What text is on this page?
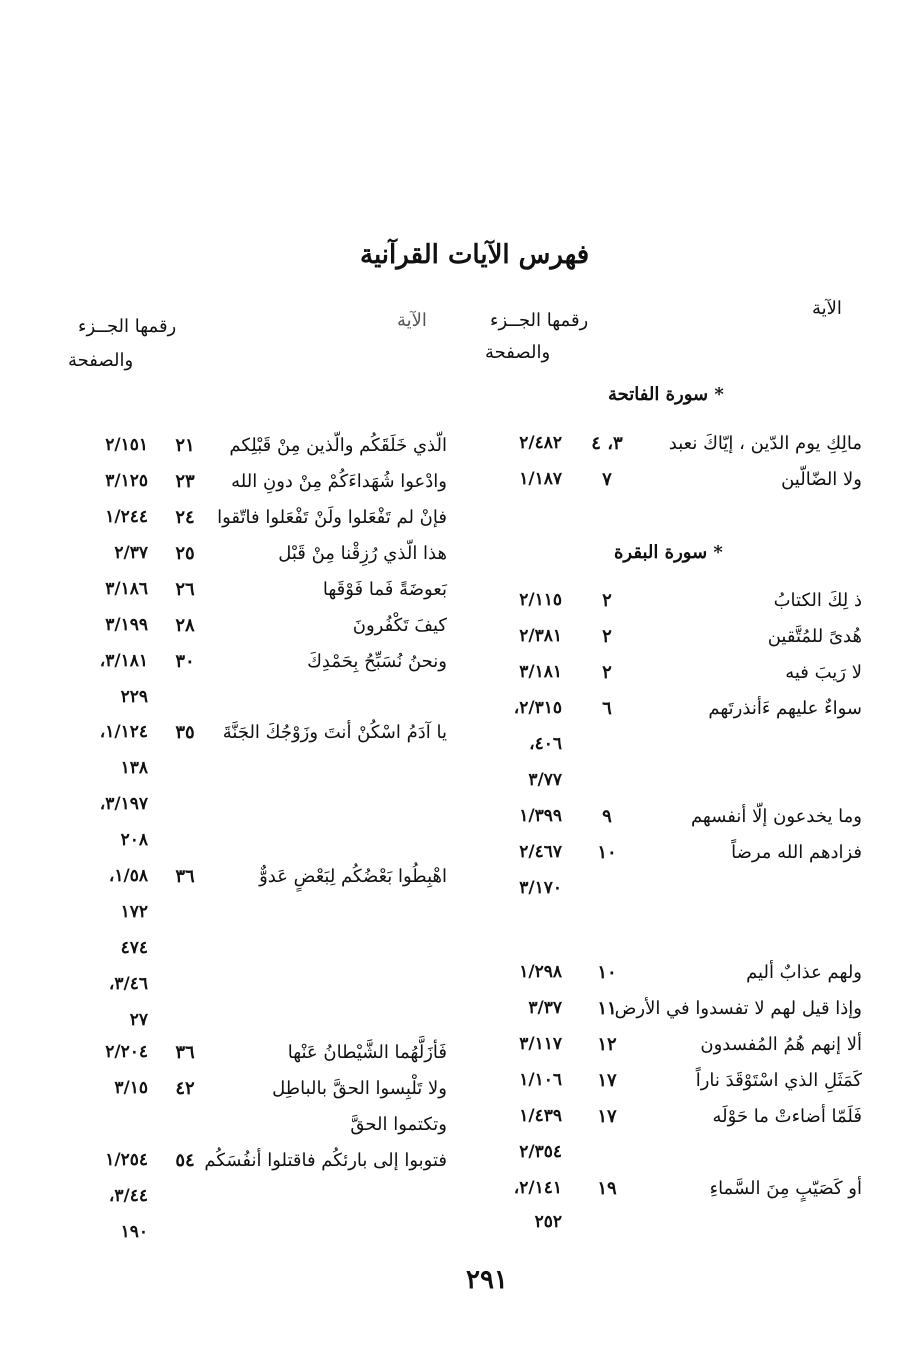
فهرس الآيات القرآنية
الآية
رقمها الجــزء
والصفحة
الآية
رقمها الجــزء
والصفحة
* سورة الفاتحة
* سورة البقرة
مالِكِ يوم الدّين ، إيّاكَ نعبد
٣، ٤
٢/٤٨٢
ولا الضّالّين
٧
١/١٨٧
ذ لِكَ الكتابُ
٢
٢/١١٥
هُدىً للمُتَّقين
٢
٢/٣٨١
لا رَيبَ فيه
٢
٣/١٨١
سواءٌ عليهم ءَأنذرتَهم
٦
٢/٣١٥،
٤٠٦،
٣/٧٧
وما يخدعون إلّا أنفسهم
٩
١/٣٩٩
فزادهم الله مرضاً
١٠
٢/٤٦٧
٣/١٧٠
ولهم عذابٌ أليم
١٠
١/٢٩٨
وإذا قيل لهم لا تفسدوا في الأرض
١١
٣/٣٧
ألا إنهم هُمُ المُفسدون
١٢
٣/١١٧
كَمَثَلِ الذي اسْتَوْقَدَ ناراً
١٧
١/١٠٦
فَلَمّا أضاءتْ ما حَوْلَه
١٧
١/٤٣٩
٢/٣٥٤
أو كَصَيّبٍ مِنَ السَّماءِ
١٩
٢/١٤١،
٢٥٢
الّذي خَلَقَكُم والّذين مِنْ قَبْلِكم
٢١
٢/١٥١
وادْعوا شُهَداءَكُمْ مِنْ دونِ الله
٢٣
٣/١٢٥
فإنْ لم تَفْعَلوا ولَنْ تَفْعَلوا فاتّقوا
٢٤
١/٢٤٤
هذا الّذي رُزِقْنا مِنْ قَبْل
٢٥
٢/٣٧
بَعوضَةً فَما فَوْقَها
٢٦
٣/١٨٦
كيفَ تَكْفُرونَ
٢٨
٣/١٩٩
ونحنُ نُسَبِّحُ بِحَمْدِكَ
٣٠
٣/١٨١،
٢٢٩
يا آدَمُ اسْكُنْ أنتَ وزَوْجُكَ الجَنَّةَ
٣٥
١/١٢٤،
١٣٨
٣/١٩٧،
٢٠٨
اهْبِطُوا بَعْضُكُم لِبَعْضٍ عَدوٌّ
٣٦
١/٥٨،
١٧٢
٤٧٤
٣/٤٦،
٢٧
فَأزَلَّهُما الشَّيْطانُ عَنْها
٣٦
٢/٢٠٤
ولا تَلْبِسوا الحقَّ بالباطِل
٤٢
٣/١٥
وتكتموا الحقَّ
فتوبوا إلى بارئكُم فاقتلوا أنفُسَكُم
٥٤
١/٢٥٤
٣/٤٤،
١٩٠
٢٩١
